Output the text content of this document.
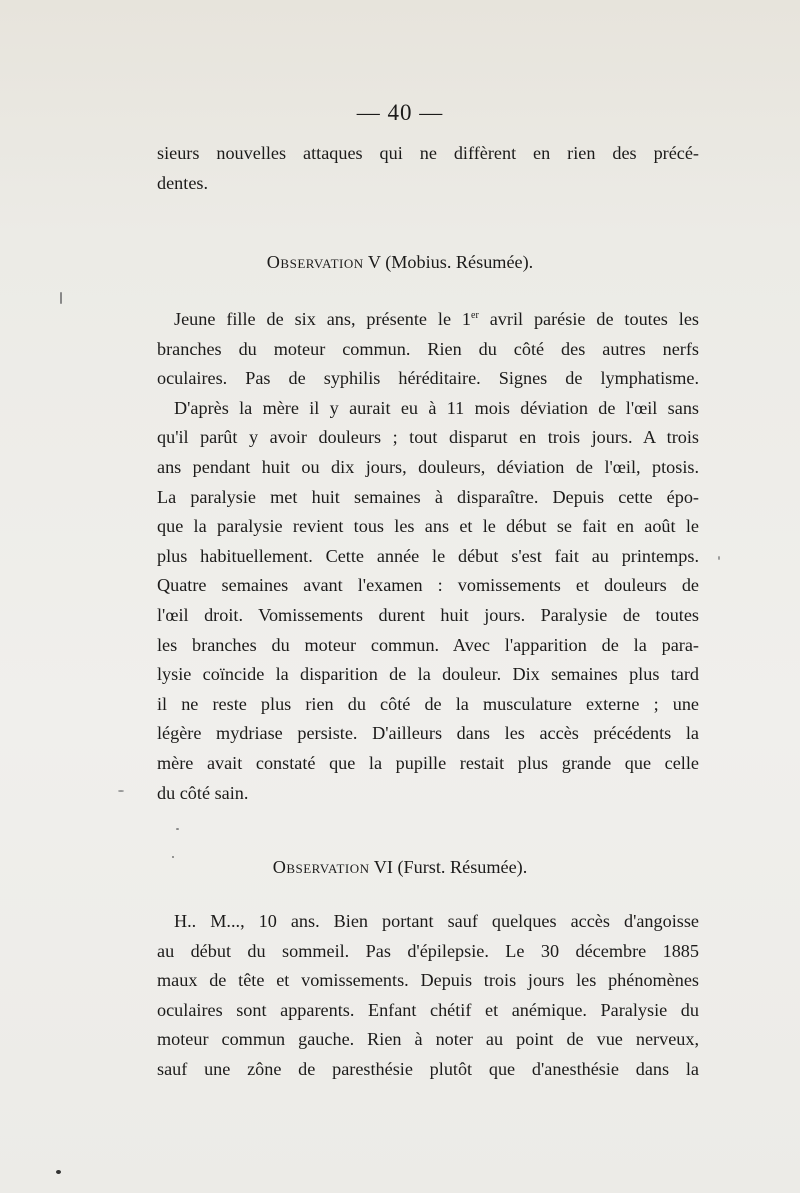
— 40 —
sieurs nouvelles attaques qui ne diffèrent en rien des précé-
dentes.
Observation V (Mobius. Résumée).
Jeune fille de six ans, présente le 1er avril parésie de toutes les
branches du moteur commun. Rien du côté des autres nerfs
oculaires. Pas de syphilis héréditaire. Signes de lymphatisme.
D'après la mère il y aurait eu à 11 mois déviation de l'œil sans
qu'il parût y avoir douleurs ; tout disparut en trois jours. A trois
ans pendant huit ou dix jours, douleurs, déviation de l'œil, ptosis.
La paralysie met huit semaines à disparaître. Depuis cette épo-
que la paralysie revient tous les ans et le début se fait en août le
plus habituellement. Cette année le début s'est fait au printemps.
Quatre semaines avant l'examen : vomissements et douleurs de
l'œil droit. Vomissements durent huit jours. Paralysie de toutes
les branches du moteur commun. Avec l'apparition de la para-
lysie coïncide la disparition de la douleur. Dix semaines plus tard
il ne reste plus rien du côté de la musculature externe ; une
légère mydriase persiste. D'ailleurs dans les accès précédents la
mère avait constaté que la pupille restait plus grande que celle
du côté sain.
Observation VI (Furst. Résumée).
H.. M..., 10 ans. Bien portant sauf quelques accès d'angoisse
au début du sommeil. Pas d'épilepsie. Le 30 décembre 1885
maux de tête et vomissements. Depuis trois jours les phénomènes
oculaires sont apparents. Enfant chétif et anémique. Paralysie du
moteur commun gauche. Rien à noter au point de vue nerveux,
sauf une zône de paresthésie plutôt que d'anesthésie dans la
